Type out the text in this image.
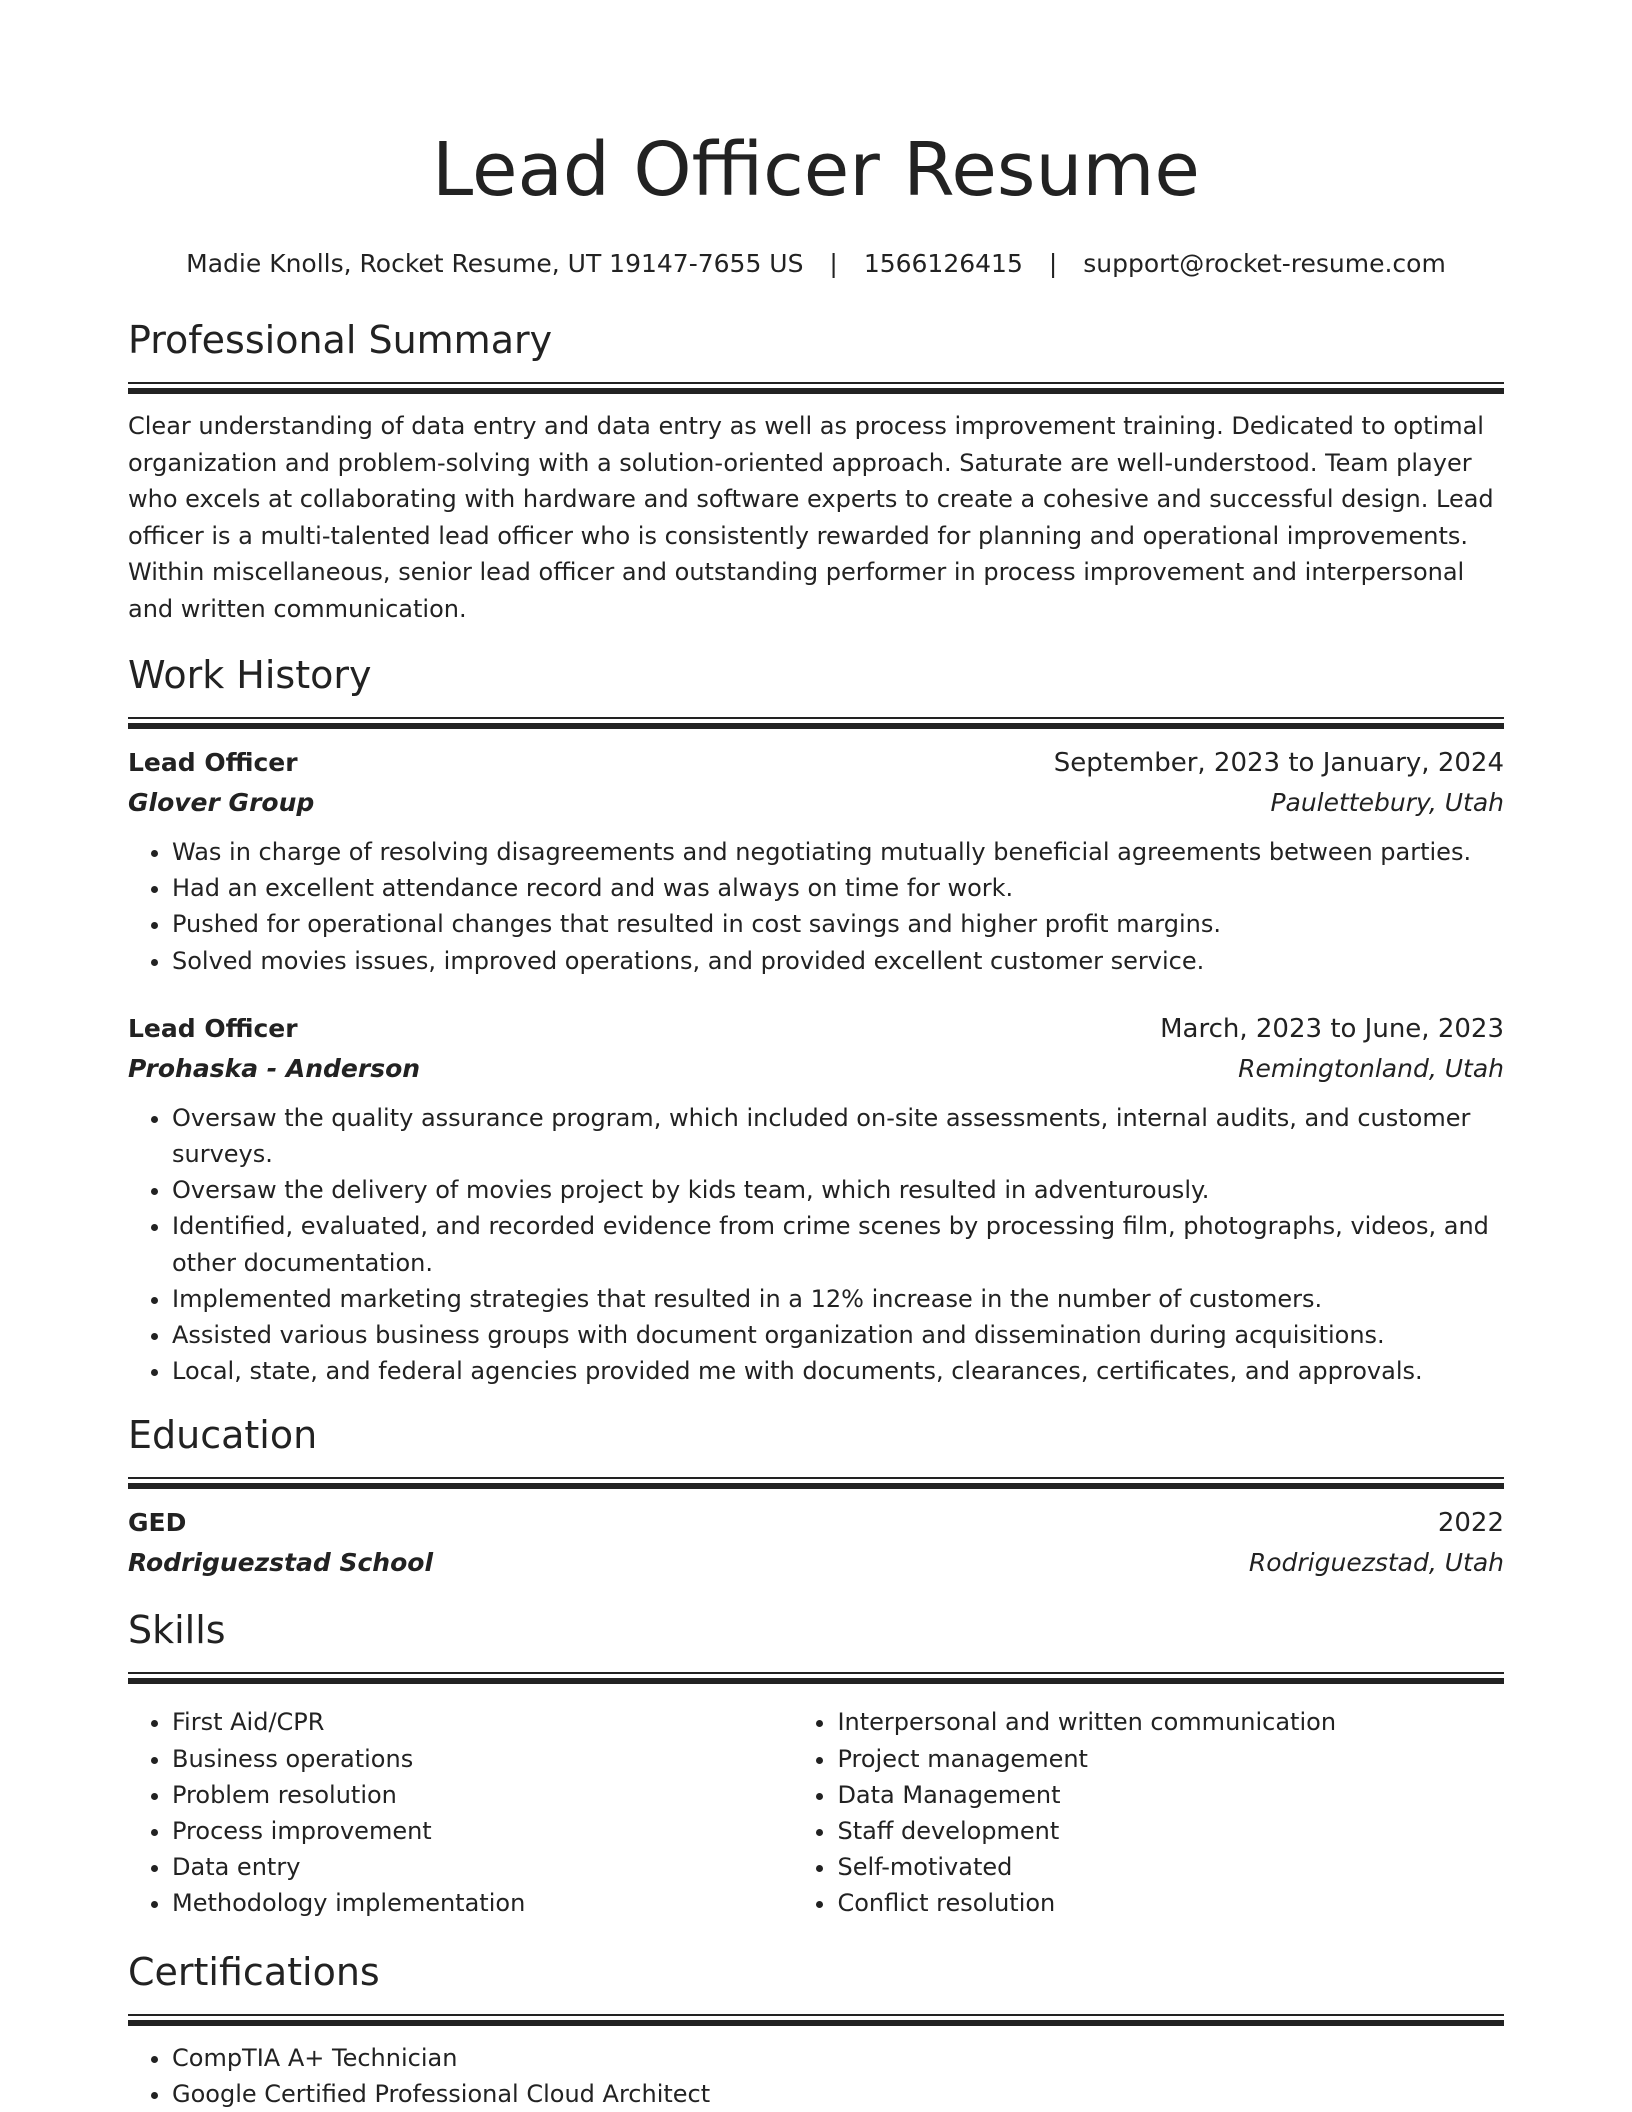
Lead Officer Resume
Madie Knolls, Rocket Resume, UT 19147-7655 US | 1566126415 | support@rocket-resume.com
Professional Summary

Clear understanding of data entry and data entry as well as process improvement training. Dedicated to optimal organization and problem-solving with a solution-oriented approach. Saturate are well-understood. Team player who excels at collaborating with hardware and software experts to create a cohesive and successful design. Lead officer is a multi-talented lead officer who is consistently rewarded for planning and operational improvements. Within miscellaneous, senior lead officer and outstanding performer in process improvement and interpersonal and written communication.

Work History
Lead Officer	September, 2023 to January, 2024
Glover Group	Paulettebury, Utah
• Was in charge of resolving disagreements and negotiating mutually beneficial agreements between parties.
• Had an excellent attendance record and was always on time for work.
• Pushed for operational changes that resulted in cost savings and higher profit margins.
• Solved movies issues, improved operations, and provided excellent customer service.
Lead Officer	March, 2023 to June, 2023
Prohaska - Anderson	Remingtonland, Utah
• Oversaw the quality assurance program, which included on-site assessments, internal audits, and customer surveys.
• Oversaw the delivery of movies project by kids team, which resulted in adventurously.
• Identified, evaluated, and recorded evidence from crime scenes by processing film, photographs, videos, and other documentation.
• Implemented marketing strategies that resulted in a 12% increase in the number of customers.
• Assisted various business groups with document organization and dissemination during acquisitions.
• Local, state, and federal agencies provided me with documents, clearances, certificates, and approvals.
Education
GED	2022
Rodriguezstad School	Rodriguezstad, Utah
Skills
• First Aid/CPR
• Business operations
• Problem resolution
• Process improvement
• Data entry
• Methodology implementation
• Interpersonal and written communication
• Project management
• Data Management
• Staff development
• Self-motivated
• Conflict resolution
Certifications
• CompTIA A+ Technician
• Google Certified Professional Cloud Architect
